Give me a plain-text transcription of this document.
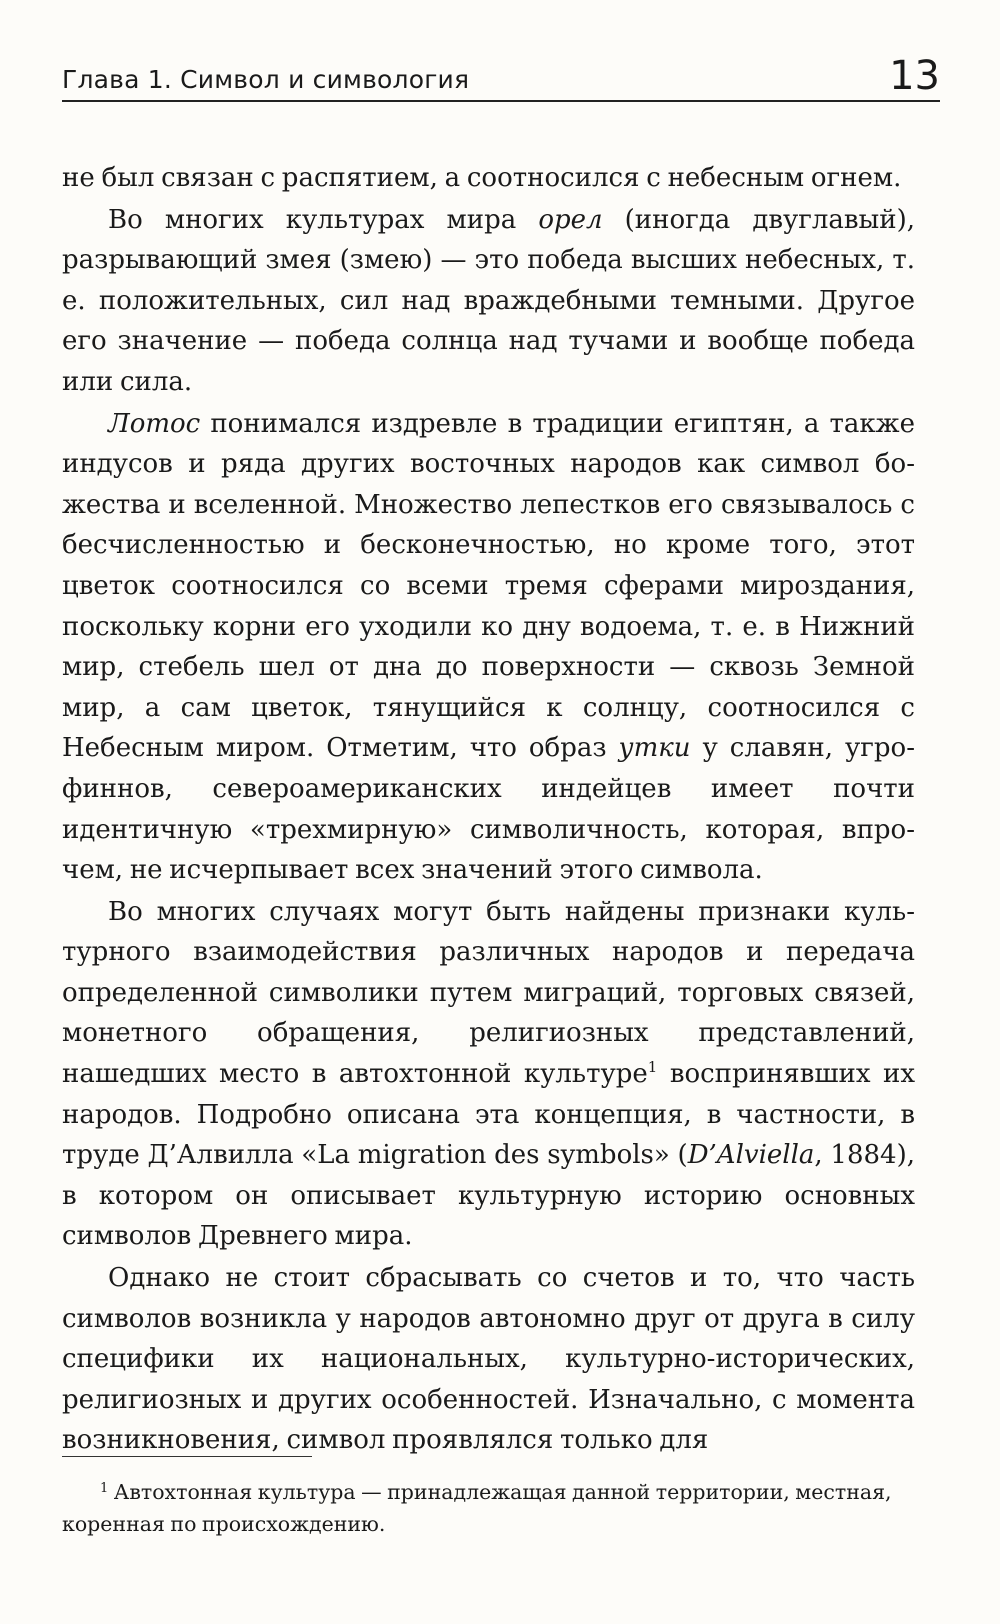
Глава 1. Символ и симвология	13

не был связан с распятием, а соотносился с небесным огнем.

Во многих культурах мира орел (иногда двуглавый), разрывающий змея (змею) — это победа высших небесных, т. е. положительных, сил над враждебными темными. Другое его значение — победа солнца над тучами и вообще победа или сила.

Лотос понимался издревле в традиции египтян, а также индусов и ряда других восточных народов как символ божества и вселенной. Множество лепестков его связывалось с бесчисленностью и бесконечностью, но кроме того, этот цветок соотносился со всеми тремя сферами мироздания, поскольку корни его уходили ко дну водоема, т. е. в Нижний мир, стебель шел от дна до поверхности — сквозь Земной мир, а сам цветок, тянущийся к солнцу, соотносился с Небесным миром. Отметим, что образ утки у славян, угро-финнов, североамериканских индейцев имеет почти идентичную «трехмирную» символичность, которая, впрочем, не исчерпывает всех значений этого символа.

Во многих случаях могут быть найдены признаки культурного взаимодействия различных народов и передача определенной символики путем миграций, торговых связей, монетного обращения, религиозных представлений, нашедших место в автохтонной культуре$^1$ воспринявших их народов. Подробно описана эта концепция, в частности, в труде Д’Алвилла «La migration des symbols» (D’Alviella, 1884), в котором он описывает культурную историю основных символов Древнего мира.

Однако не стоит сбрасывать со счетов и то, что часть символов возникла у народов автономно друг от друга в силу специфики их национальных, культурно-исторических, религиозных и других особенностей. Изначально, с момента возникновения, символ проявлялся только для

$^1$ Автохтонная культура — принадлежащая данной территории, местная, коренная по происхождению.
